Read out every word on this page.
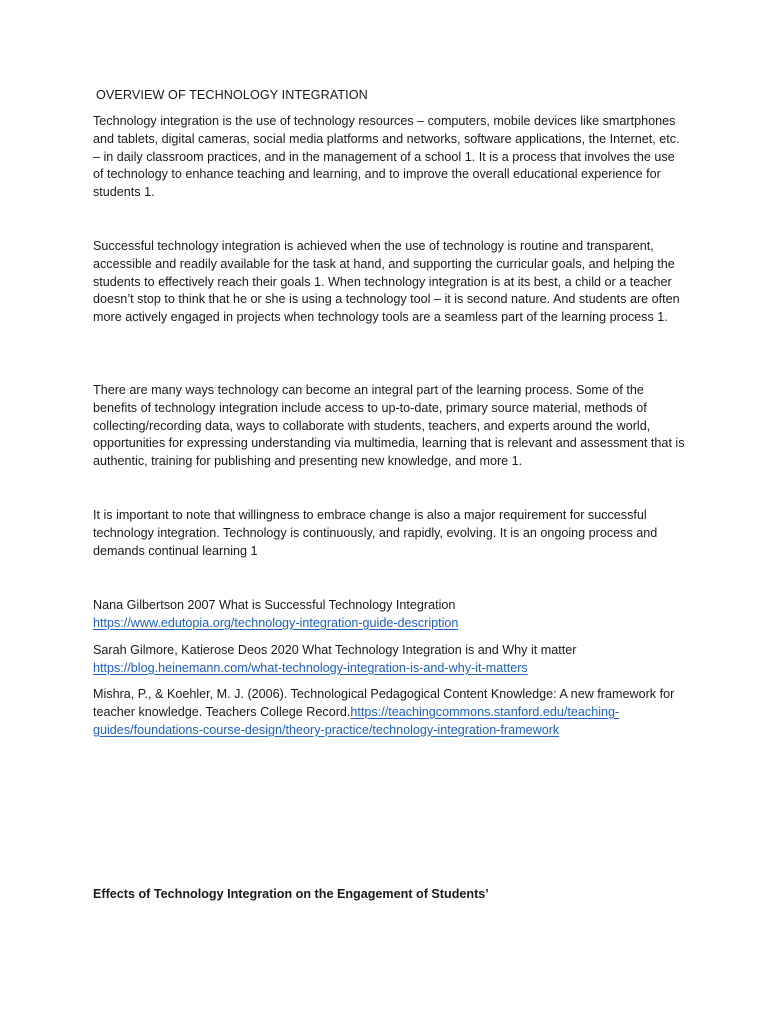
OVERVIEW OF TECHNOLOGY INTEGRATION

Technology integration is the use of technology resources – computers, mobile devices like smartphones and tablets, digital cameras, social media platforms and networks, software applications, the Internet, etc. – in daily classroom practices, and in the management of a school 1. It is a process that involves the use of technology to enhance teaching and learning, and to improve the overall educational experience for students 1.

Successful technology integration is achieved when the use of technology is routine and transparent, accessible and readily available for the task at hand, and supporting the curricular goals, and helping the students to effectively reach their goals 1. When technology integration is at its best, a child or a teacher doesn’t stop to think that he or she is using a technology tool – it is second nature. And students are often more actively engaged in projects when technology tools are a seamless part of the learning process 1.

There are many ways technology can become an integral part of the learning process. Some of the benefits of technology integration include access to up-to-date, primary source material, methods of collecting/recording data, ways to collaborate with students, teachers, and experts around the world, opportunities for expressing understanding via multimedia, learning that is relevant and assessment that is authentic, training for publishing and presenting new knowledge, and more 1.

It is important to note that willingness to embrace change is also a major requirement for successful technology integration. Technology is continuously, and rapidly, evolving. It is an ongoing process and demands continual learning 1

Nana Gilbertson 2007 What is Successful Technology Integration
https://www.edutopia.org/technology-integration-guide-description
Sarah Gilmore, Katierose Deos 2020 What Technology Integration is and Why it matter
https://blog.heinemann.com/what-technology-integration-is-and-why-it-matters
Mishra, P., & Koehler, M. J. (2006). Technological Pedagogical Content Knowledge: A new framework for teacher knowledge. Teachers College Record.https://teachingcommons.stanford.edu/teaching-guides/foundations-course-design/theory-practice/technology-integration-framework
Effects of Technology Integration on the Engagement of Students’
